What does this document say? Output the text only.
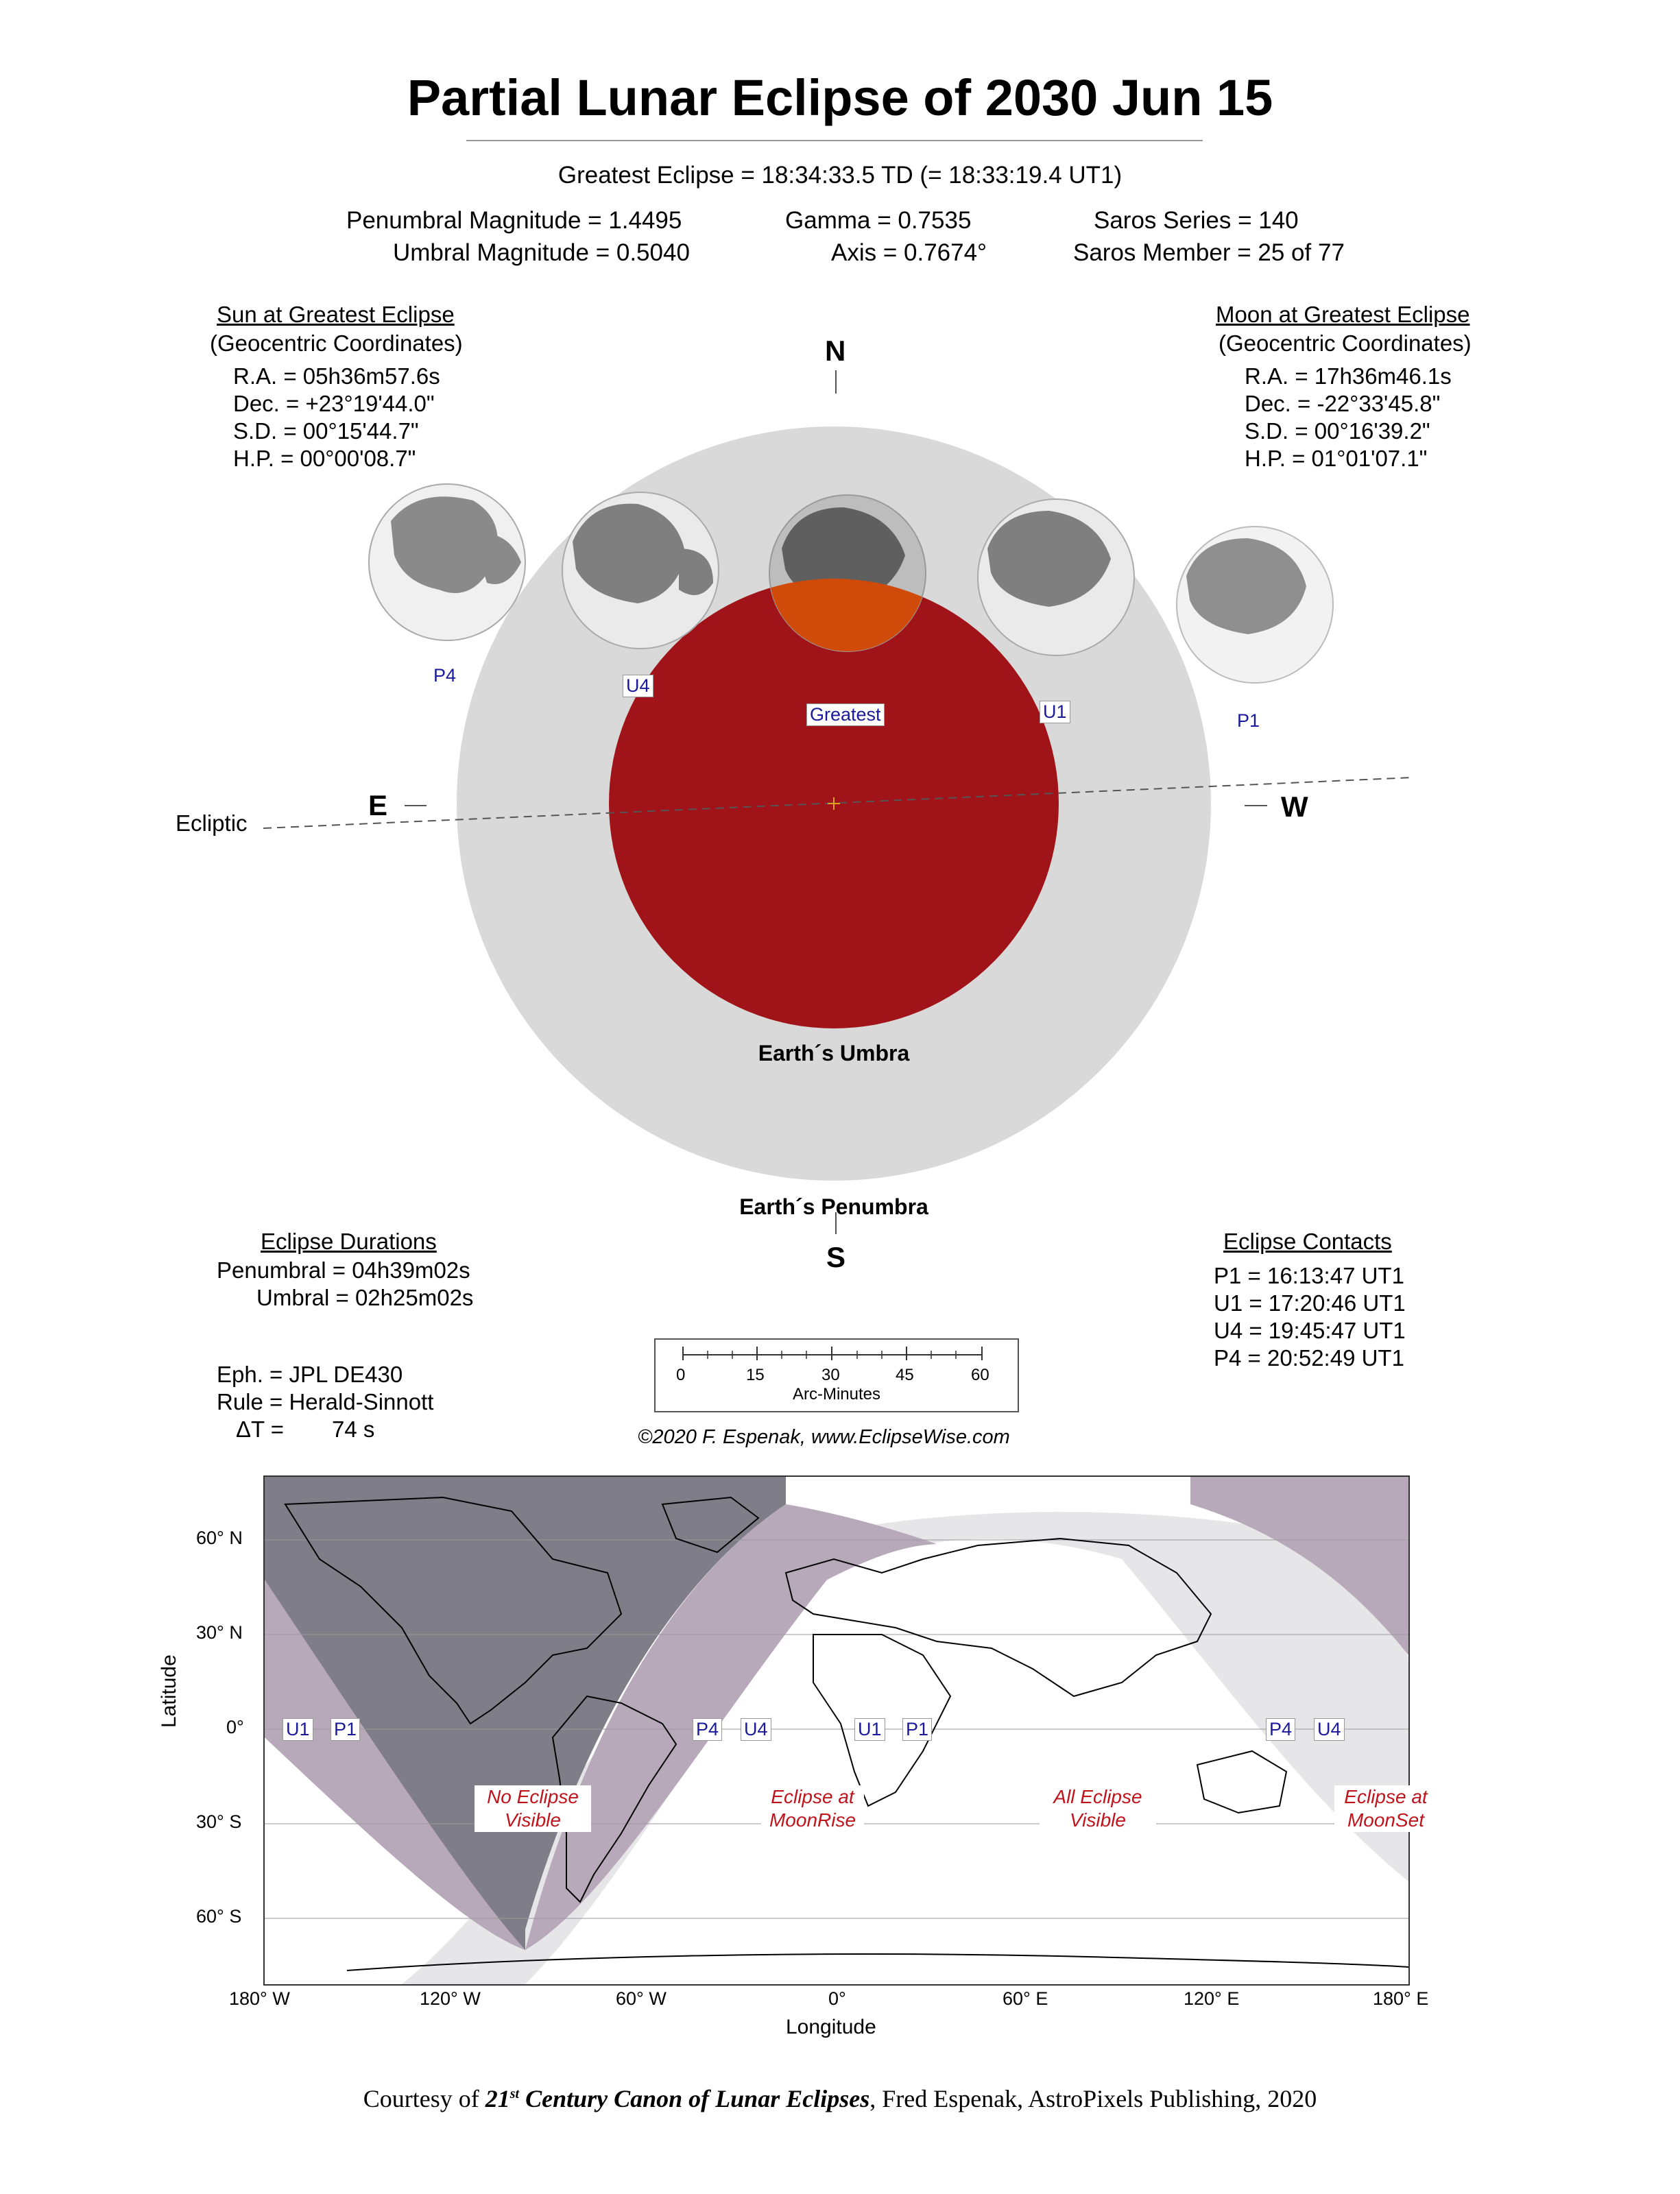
Partial Lunar Eclipse of 2030 Jun 15
Greatest Eclipse = 18:34:33.5 TD (= 18:33:19.4 UT1)
Penumbral Magnitude = 1.4495
Umbral Magnitude = 0.5040
Gamma = 0.7535
Axis = 0.7674°
Saros Series = 140
Saros Member = 25 of 77
Sun at Greatest Eclipse
(Geocentric Coordinates)
R.A. = 05h36m57.6s
Dec. = +23°19'44.0"
S.D. = 00°15'44.7"
H.P. = 00°00'08.7"
Moon at Greatest Eclipse
(Geocentric Coordinates)
R.A. = 17h36m46.1s
Dec. = -22°33'45.8"
S.D. = 00°16'39.2"
H.P. = 01°01'07.1"
N
S
E	W
Ecliptic
Earth´s Umbra
Earth´s Penumbra
P4	U4
Greatest	U1	P1
Eclipse Durations
Penumbral = 04h39m02s
Umbral = 02h25m02s
Eclipse Contacts
P1 = 16:13:47 UT1
U1 = 17:20:46 UT1
U4 = 19:45:47 UT1
P4 = 20:52:49 UT1
Eph. = JPL DE430
Rule = Herald-Sinnott
ΔT = 74 s
0	15	30	45	60
Arc-Minutes
©2020 F. Espenak, www.EclipseWise.com
U1 P1	P4 U4	U1 P1	P4 U4
No Eclipse
Visible
Eclipse at
MoonRise
All Eclipse
Visible
Eclipse at
MoonSet
60° N
30° N
0°
30° S
60° S
Latitude
180° W	120° W	60° W	0°	60° E	120° E	180° E
Longitude
Courtesy of 21st Century Canon of Lunar Eclipses, Fred Espenak, AstroPixels Publishing, 2020
